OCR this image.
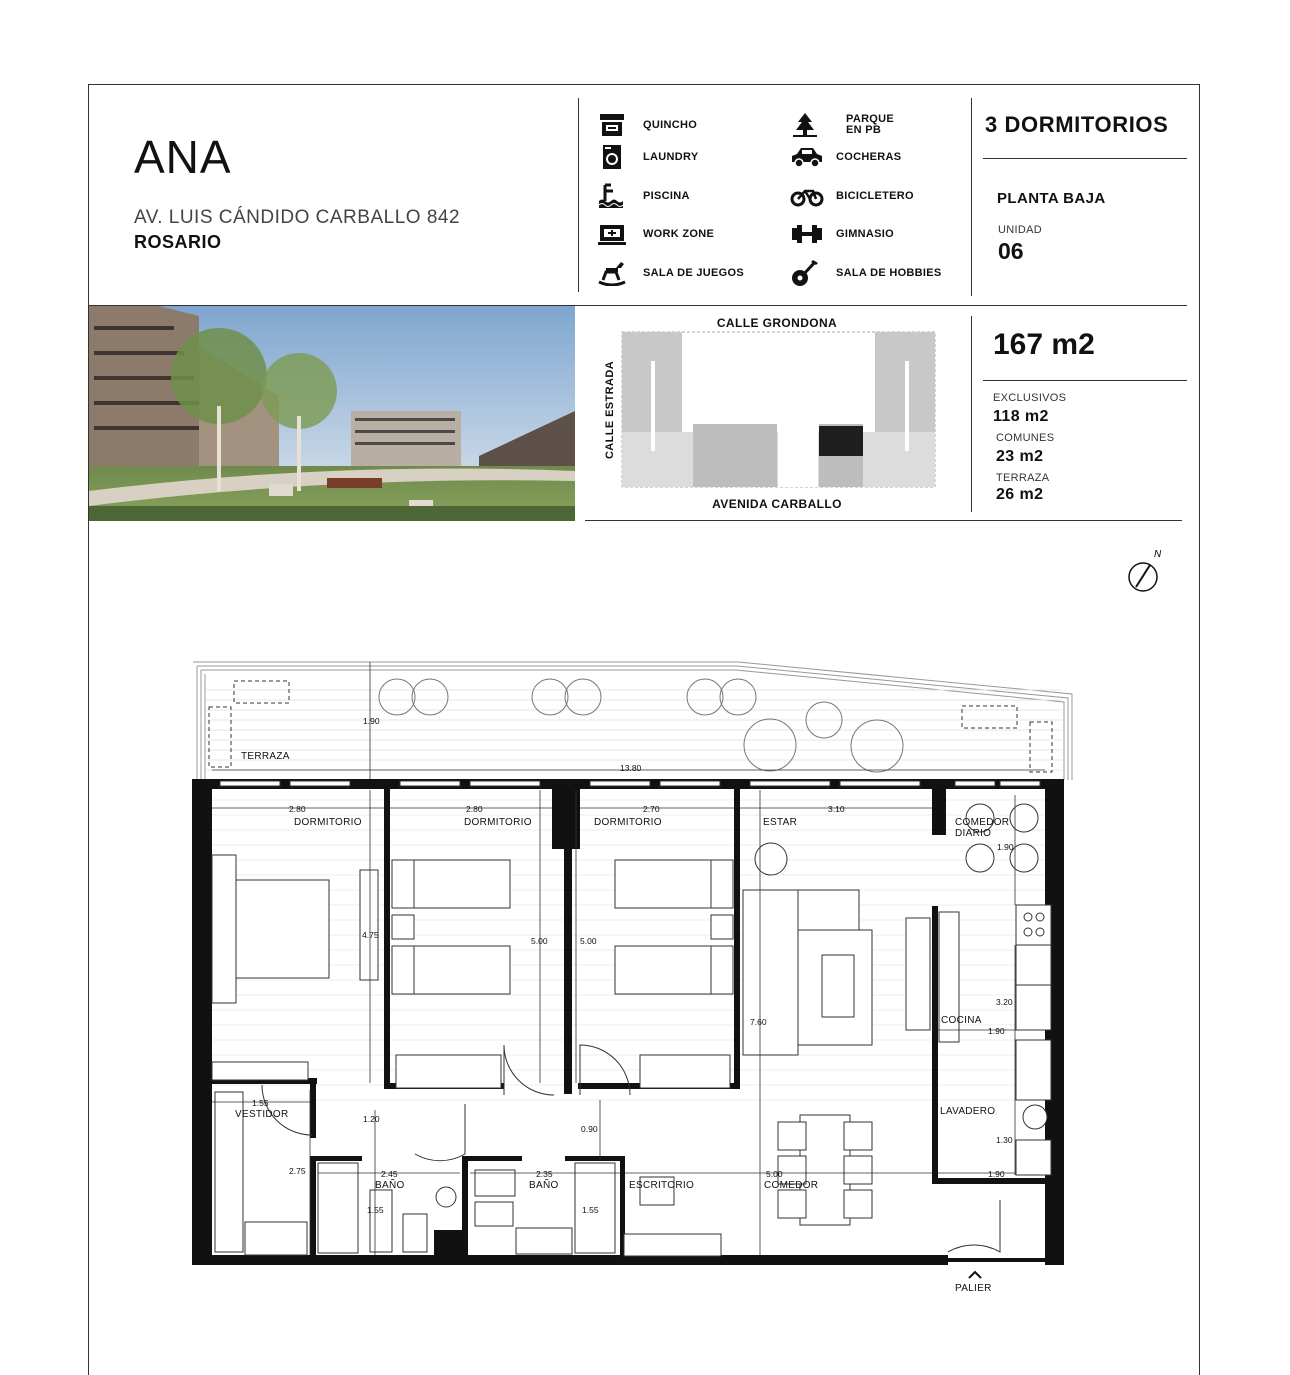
ANA
AV. LUIS CÁNDIDO CARBALLO 842
ROSARIO
QUINCHO
LAUNDRY
PISCINA
WORK ZONE
SALA DE JUEGOS
PARQUE
EN PB
COCHERAS
BICICLETERO
GIMNASIO
SALA DE HOBBIES
3 DORMITORIOS
PLANTA BAJA
UNIDAD
06
167 m2
EXCLUSIVOS
118 m2
COMUNES
23 m2
TERRAZA
26 m2
CALLE GRONDONA
AVENIDA CARBALLO
CALLE ESTRADA
N
TERRAZA
DORMITORIO	DORMITORIO	DORMITORIO	ESTAR	COMEDOR
DIARIO
COCINA
LAVADERO
VESTIDOR
BAÑO	BAÑO	ESCRITORIO	COMEDOR
PALIER
1.90
13.80
2.80	2.80	2.70	3.10
1.90
4.75
5.00	5.00
7.60
3.20
1.90
1.55
1.20
0.90
1.30
1.90
2.75	2.45
1.55
2.35
1.55
5.00
